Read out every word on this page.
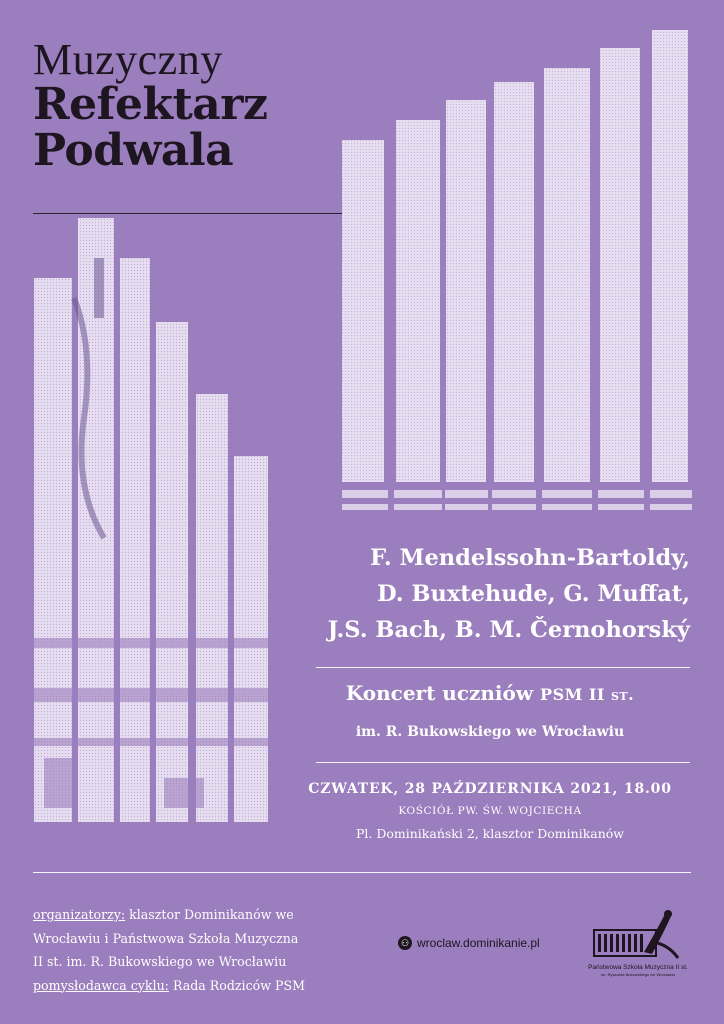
Muzyczny
Refektarz
Podwala
F. Mendelssohn-Bartoldy,
D. Buxtehude, G. Muffat,
J.S. Bach, B. M. Černohorský
Koncert uczniów PSM II st.
im. R. Bukowskiego we Wrocławiu
CZWATEK, 28 PAŹDZIERNIKA 2021, 18.00
KOŚCIÓŁ PW. ŚW. WOJCIECHA
Pl. Dominikański 2, klasztor Dominikanów
organizatorzy: klasztor Dominikanów we
Wrocławiu i Państwowa Szkoła Muzyczna
II st. im. R. Bukowskiego we Wrocławiu
pomysłodawca cyklu: Rada Rodziców PSM
⚇ wroclaw.dominikanie.pl
Państwowa Szkoła Muzyczna II st.
im. Ryszarda Bukowskiego we Wrocławiu
